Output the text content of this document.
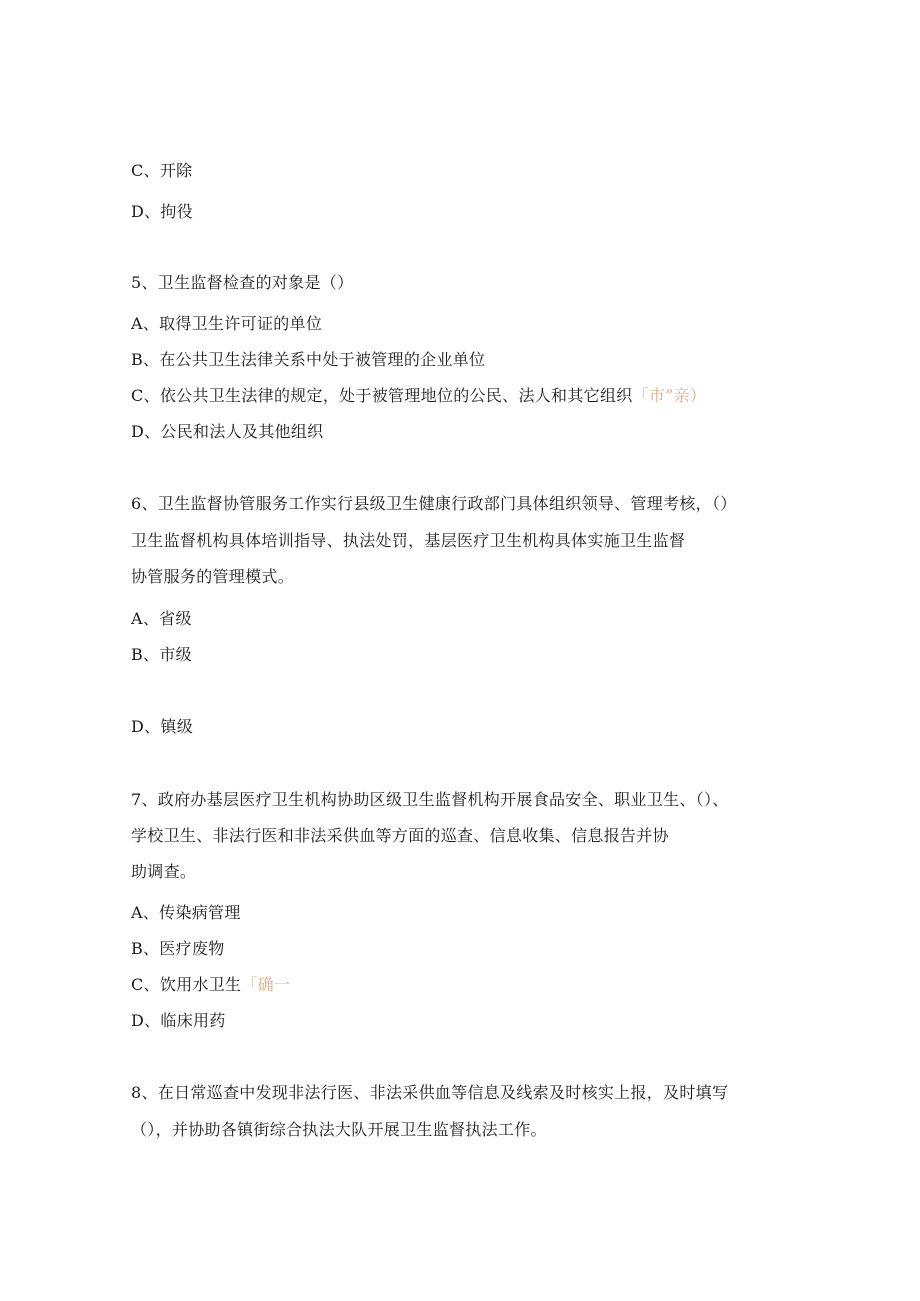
C、开除
D、拘役
5、卫生监督检查的对象是（）
A、取得卫生许可证的单位
B、在公共卫生法律关系中处于被管理的企业单位
C、依公共卫生法律的规定，处于被管理地位的公民、法人和其它组织「市”亲）
D、公民和法人及其他组织
6、卫生监督协管服务工作实行县级卫生健康行政部门具体组织领导、管理考核，（）
卫生监督机构具体培训指导、执法处罚，基层医疗卫生机构具体实施卫生监督
协管服务的管理模式。
A、省级
B、市级
D、镇级
7、政府办基层医疗卫生机构协助区级卫生监督机构开展食品安全、职业卫生、（）、
学校卫生、非法行医和非法采供血等方面的巡查、信息收集、信息报告并协
助调查。
A、传染病管理
B、医疗废物
C、饮用水卫生「确一
D、临床用药
8、在日常巡查中发现非法行医、非法采供血等信息及线索及时核实上报，及时填写
（），并协助各镇街综合执法大队开展卫生监督执法工作。
